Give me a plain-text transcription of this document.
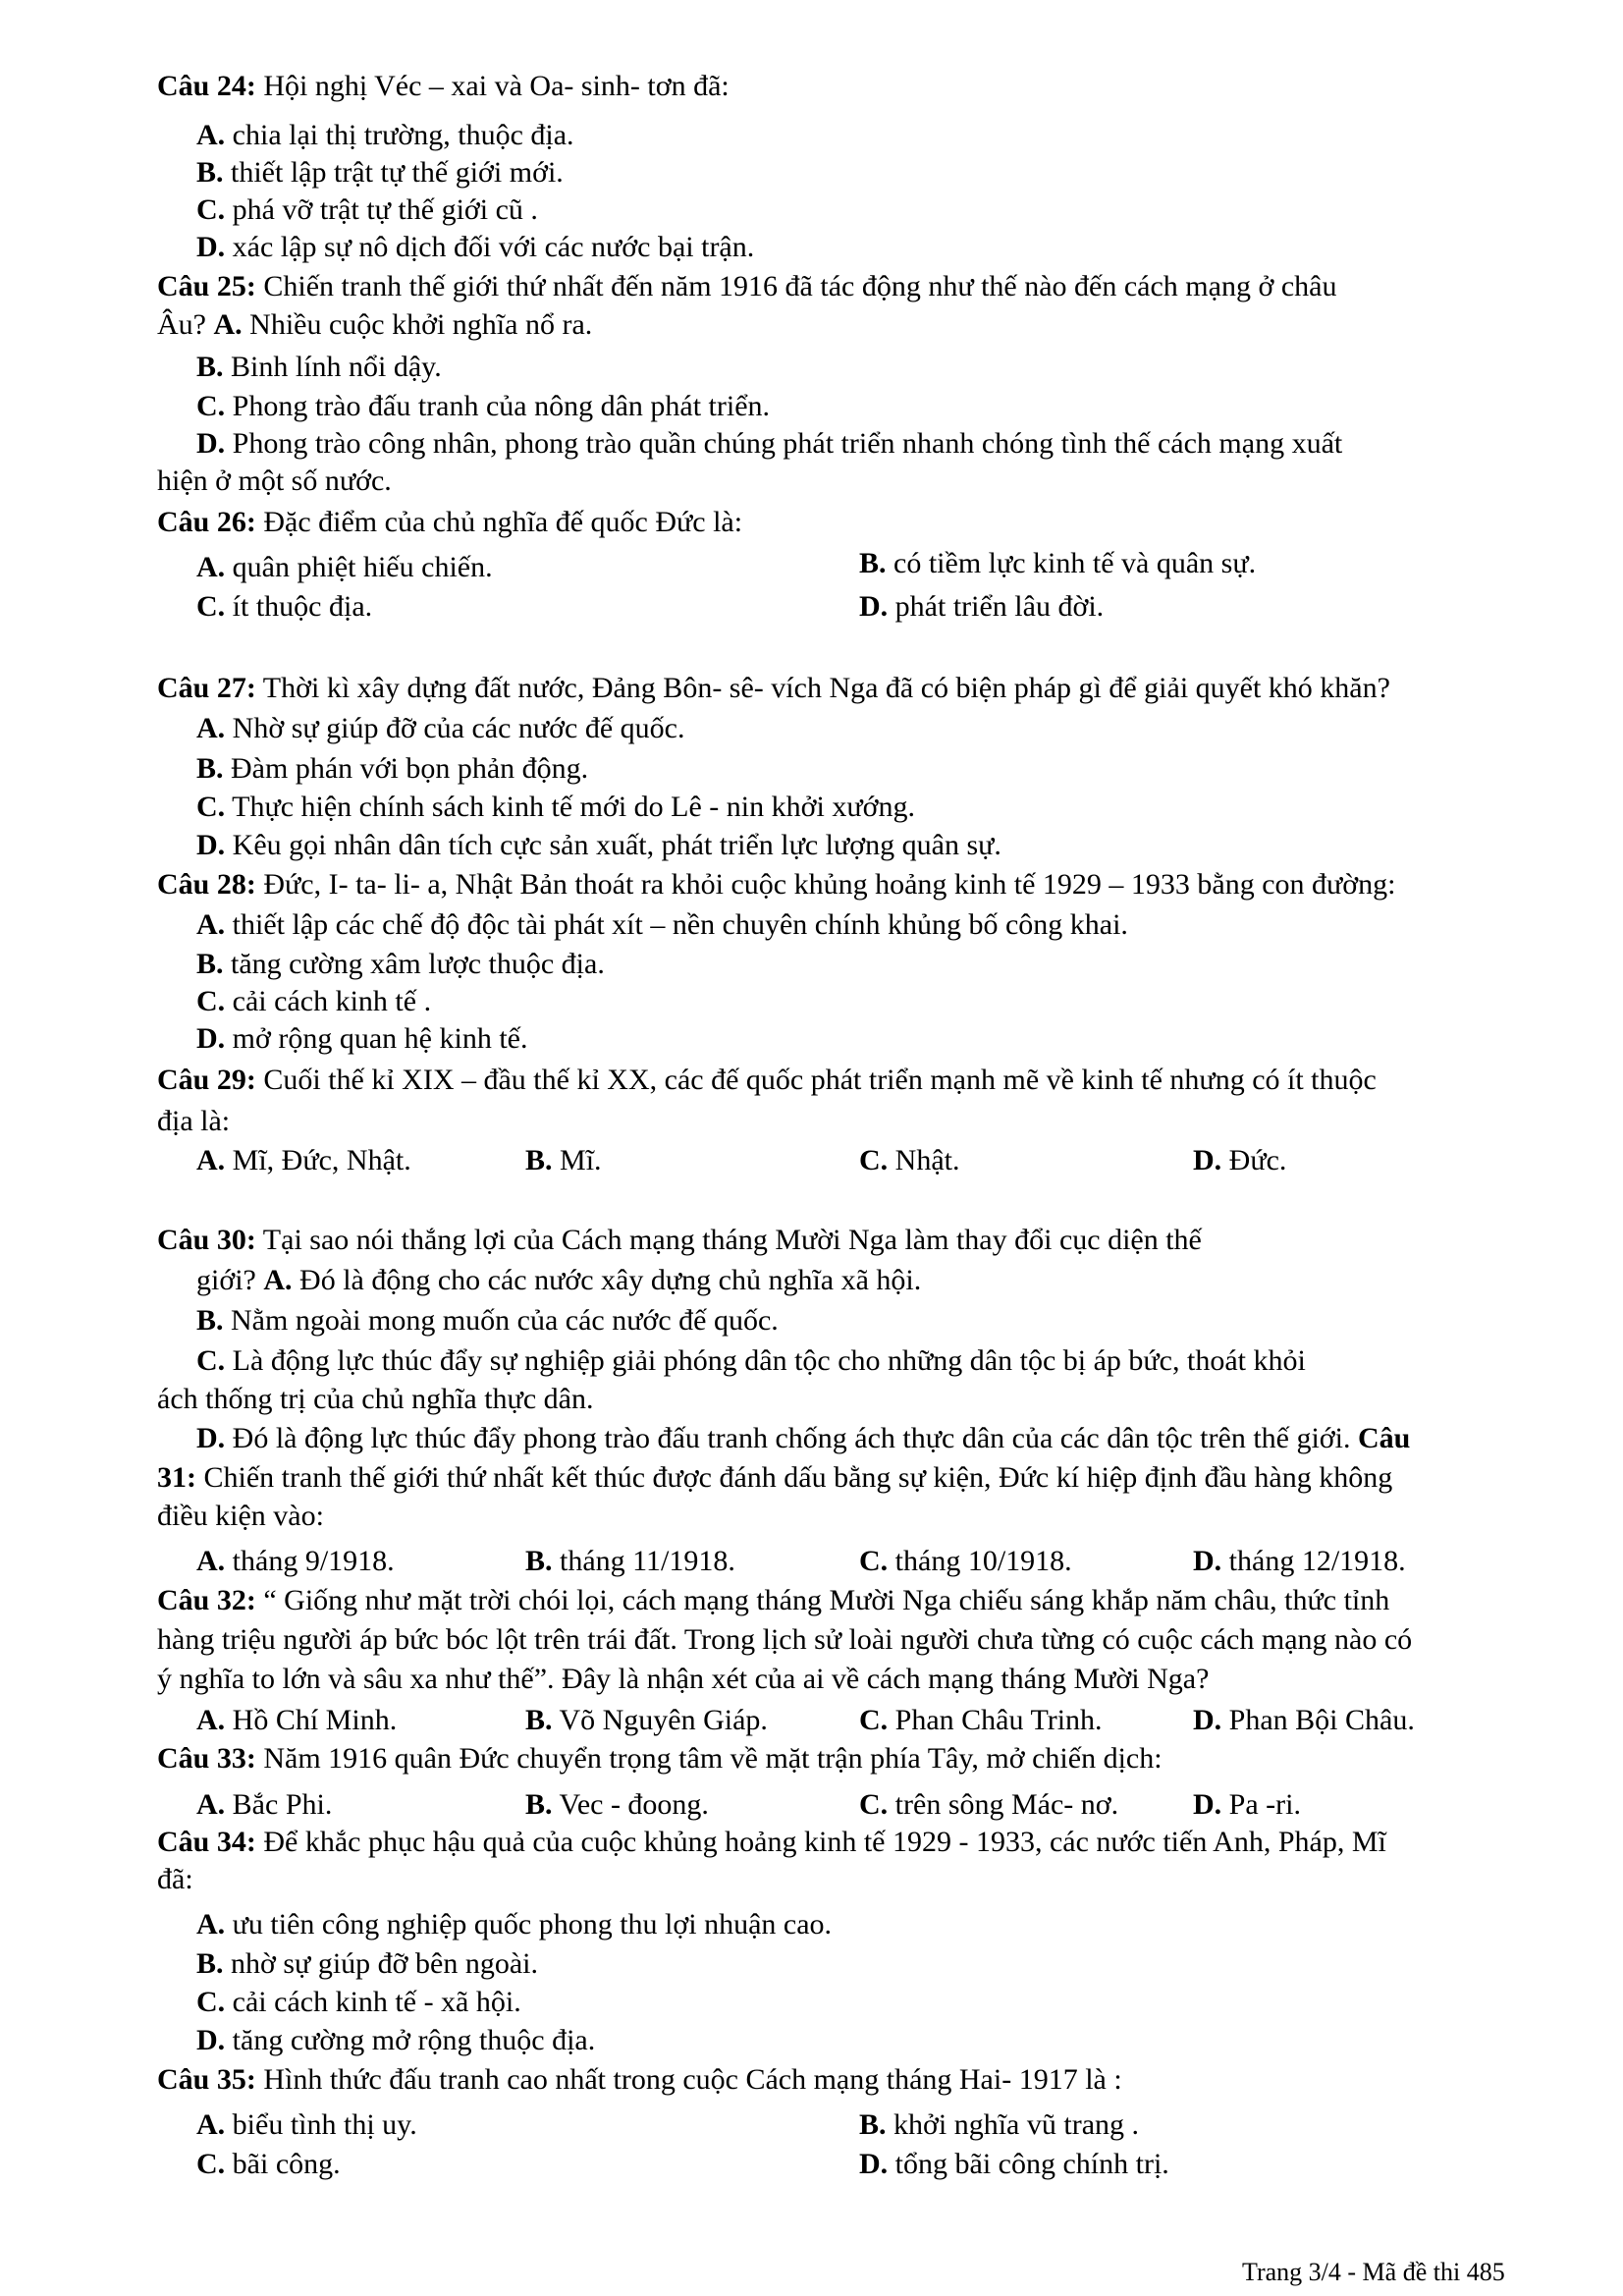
Câu 24: Hội nghị Véc – xai và Oa- sinh- tơn đã:
A. chia lại thị trường, thuộc địa.
B. thiết lập trật tự thế giới mới.
C. phá vỡ trật tự thế giới cũ .
D. xác lập sự nô dịch đối với các nước bại trận.
Câu 25: Chiến tranh thế giới thứ nhất đến năm 1916 đã tác động như thế nào đến cách mạng ở châu
Âu? A. Nhiều cuộc khởi nghĩa nổ ra.
B. Binh lính nổi dậy.
C. Phong trào đấu tranh của nông dân phát triển.
D. Phong trào công nhân, phong trào quần chúng phát triển nhanh chóng tình thế cách mạng xuất
hiện ở một số nước.
Câu 26: Đặc điểm của chủ nghĩa đế quốc Đức là:
A. quân phiệt hiếu chiến.	B. có tiềm lực kinh tế và quân sự.
C. ít thuộc địa.	D. phát triển lâu đời.
Câu 27: Thời kì xây dựng đất nước, Đảng Bôn- sê- vích Nga đã có biện pháp gì để giải quyết khó khăn?
A. Nhờ sự giúp đỡ của các nước đế quốc.
B. Đàm phán với bọn phản động.
C. Thực hiện chính sách kinh tế mới do Lê - nin khởi xướng.
D. Kêu gọi nhân dân tích cực sản xuất, phát triển lực lượng quân sự.
Câu 28: Đức, I- ta- li- a, Nhật Bản thoát ra khỏi cuộc khủng hoảng kinh tế 1929 – 1933 bằng con đường:
A. thiết lập các chế độ độc tài phát xít – nền chuyên chính khủng bố công khai.
B. tăng cường xâm lược thuộc địa.
C. cải cách kinh tế .
D. mở rộng quan hệ kinh tế.
Câu 29: Cuối thế kỉ XIX – đầu thế kỉ XX, các đế quốc phát triển mạnh mẽ về kinh tế nhưng có ít thuộc
địa là:
A. Mĩ, Đức, Nhật.	B. Mĩ.	C. Nhật.	D. Đức.
Câu 30: Tại sao nói thắng lợi của Cách mạng tháng Mười Nga làm thay đổi cục diện thế
giới? A. Đó là động cho các nước xây dựng chủ nghĩa xã hội.
B. Nằm ngoài mong muốn của các nước đế quốc.
C. Là động lực thúc đẩy sự nghiệp giải phóng dân tộc cho những dân tộc bị áp bức, thoát khỏi
ách thống trị của chủ nghĩa thực dân.
D. Đó là động lực thúc đẩy phong trào đấu tranh chống ách thực dân của các dân tộc trên thế giới. Câu
31: Chiến tranh thế giới thứ nhất kết thúc được đánh dấu bằng sự kiện, Đức kí hiệp định đầu hàng không
điều kiện vào:
A. tháng 9/1918.	B. tháng 11/1918.	C. tháng 10/1918.	D. tháng 12/1918.
Câu 32: “ Giống như mặt trời chói lọi, cách mạng tháng Mười Nga chiếu sáng khắp năm châu, thức tỉnh
hàng triệu người áp bức bóc lột trên trái đất. Trong lịch sử loài người chưa từng có cuộc cách mạng nào có
ý nghĩa to lớn và sâu xa như thế”. Đây là nhận xét của ai về cách mạng tháng Mười Nga?
A. Hồ Chí Minh.	B. Võ Nguyên Giáp.	C. Phan Châu Trinh.	D. Phan Bội Châu.
Câu 33: Năm 1916 quân Đức chuyển trọng tâm về mặt trận phía Tây, mở chiến dịch:
A. Bắc Phi.	B. Vec - đoong.	C. trên sông Mác- nơ.	D. Pa -ri.
Câu 34: Để khắc phục hậu quả của cuộc khủng hoảng kinh tế 1929 - 1933, các nước tiến Anh, Pháp, Mĩ
đã:
A. ưu tiên công nghiệp quốc phong thu lợi nhuận cao.
B. nhờ sự giúp đỡ bên ngoài.
C. cải cách kinh tế - xã hội.
D. tăng cường mở rộng thuộc địa.
Câu 35: Hình thức đấu tranh cao nhất trong cuộc Cách mạng tháng Hai- 1917 là :
A. biểu tình thị uy.	B. khởi nghĩa vũ trang .
C. bãi công.	D. tổng bãi công chính trị.
Trang 3/4 - Mã đề thi 485
